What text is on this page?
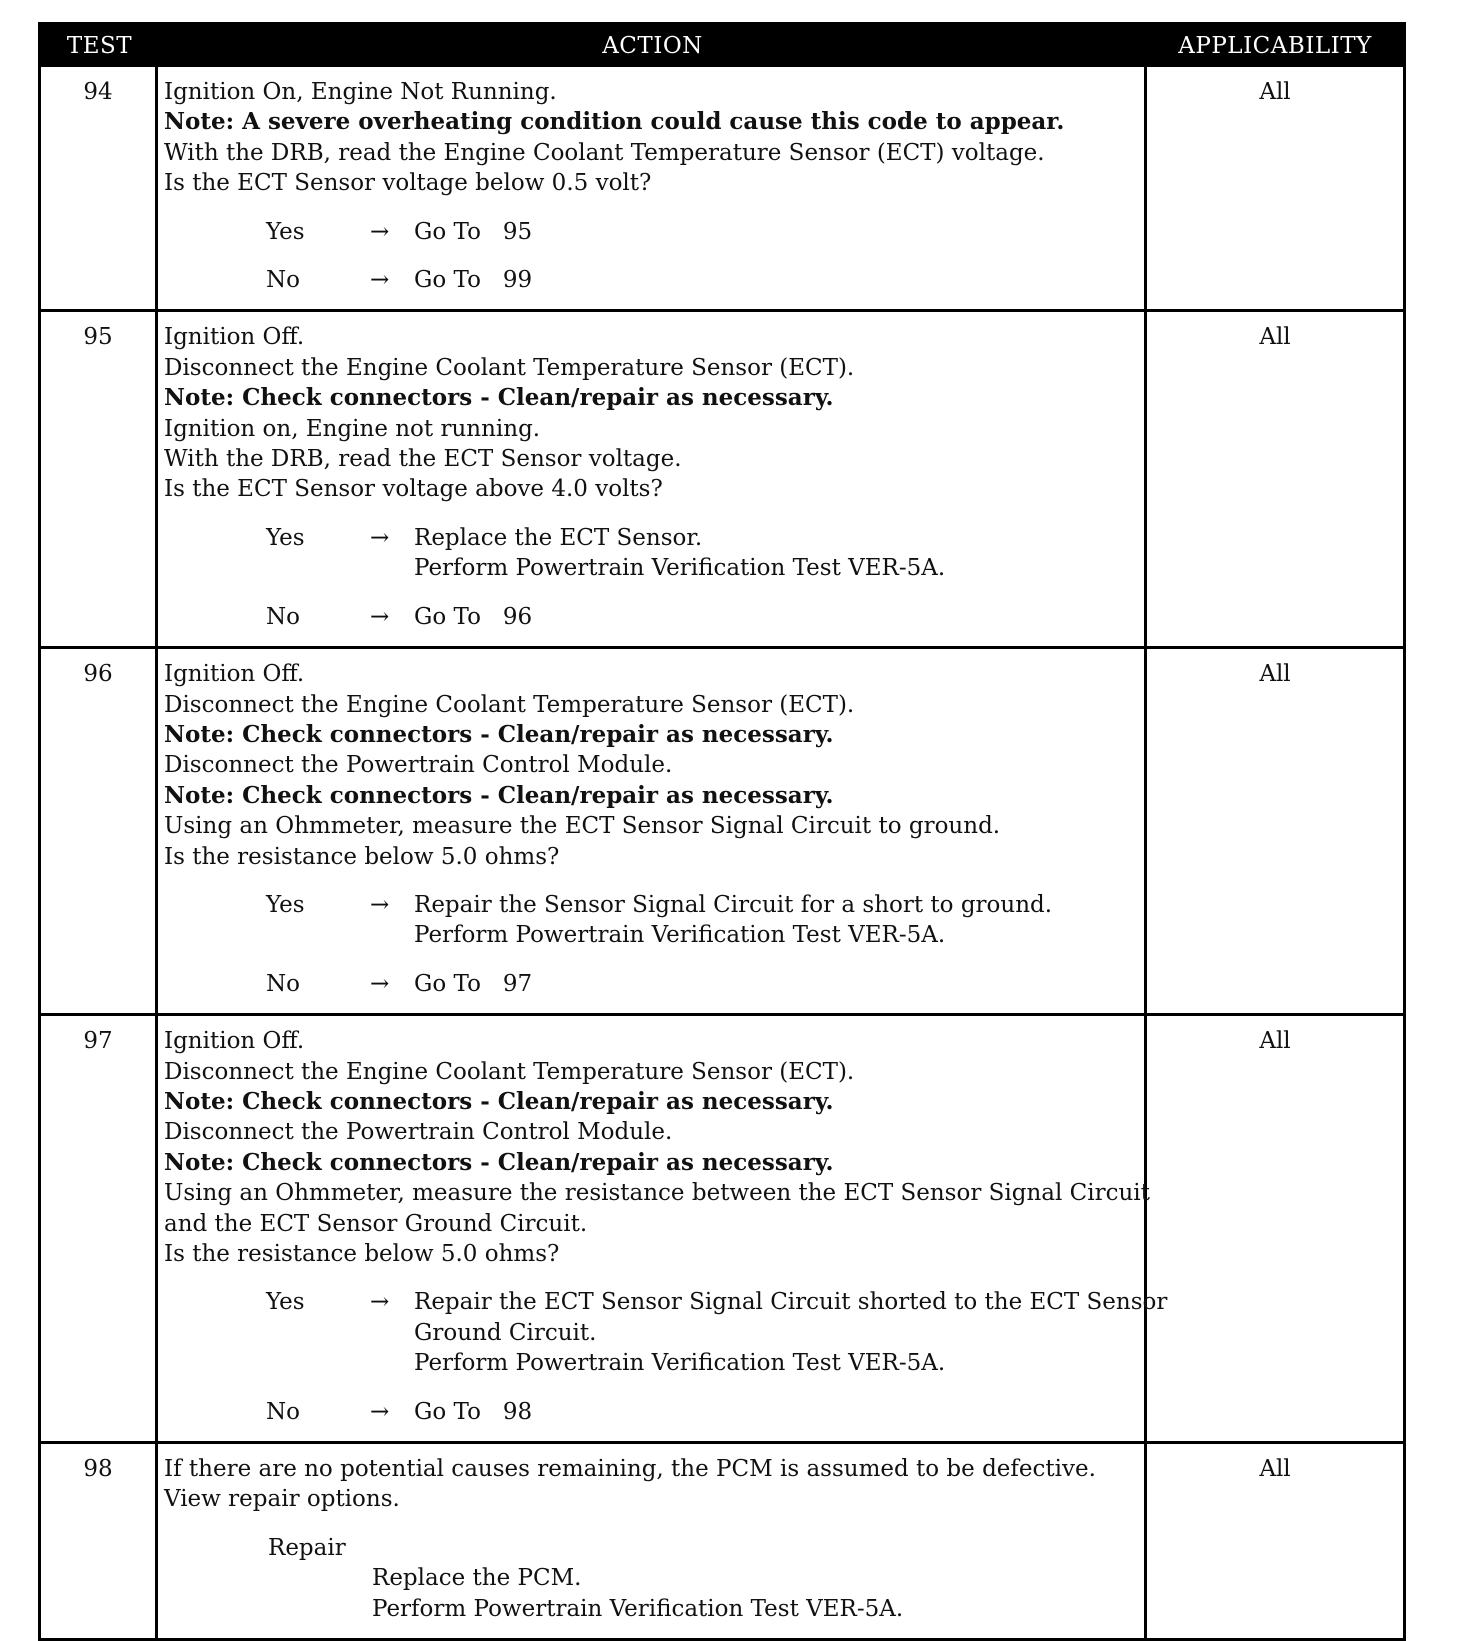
TEST	ACTION	APPLICABILITY
94	Ignition On, Engine Not Running.
Note: A severe overheating condition could cause this code to appear.
With the DRB, read the Engine Coolant Temperature Sensor (ECT) voltage.
Is the ECT Sensor voltage below 0.5 volt?
Yes	→	Go To   95
No	→	Go To   99
All
95	Ignition Off.
Disconnect the Engine Coolant Temperature Sensor (ECT).
Note: Check connectors - Clean/repair as necessary.
Ignition on, Engine not running.
With the DRB, read the ECT Sensor voltage.
Is the ECT Sensor voltage above 4.0 volts?
Yes	→	Replace the ECT Sensor.
Perform Powertrain Verification Test VER-5A.
No	→	Go To   96
All
96	Ignition Off.
Disconnect the Engine Coolant Temperature Sensor (ECT).
Note: Check connectors - Clean/repair as necessary.
Disconnect the Powertrain Control Module.
Note: Check connectors - Clean/repair as necessary.
Using an Ohmmeter, measure the ECT Sensor Signal Circuit to ground.
Is the resistance below 5.0 ohms?
Yes	→	Repair the Sensor Signal Circuit for a short to ground.
Perform Powertrain Verification Test VER-5A.
No	→	Go To   97
All
97	Ignition Off.
Disconnect the Engine Coolant Temperature Sensor (ECT).
Note: Check connectors - Clean/repair as necessary.
Disconnect the Powertrain Control Module.
Note: Check connectors - Clean/repair as necessary.
Using an Ohmmeter, measure the resistance between the ECT Sensor Signal Circuit
and the ECT Sensor Ground Circuit.
Is the resistance below 5.0 ohms?
Yes	→	Repair the ECT Sensor Signal Circuit shorted to the ECT Sensor
Ground Circuit.
Perform Powertrain Verification Test VER-5A.
No	→	Go To   98
All
98	If there are no potential causes remaining, the PCM is assumed to be defective.
View repair options.
Repair
Replace the PCM.
Perform Powertrain Verification Test VER-5A.
All
